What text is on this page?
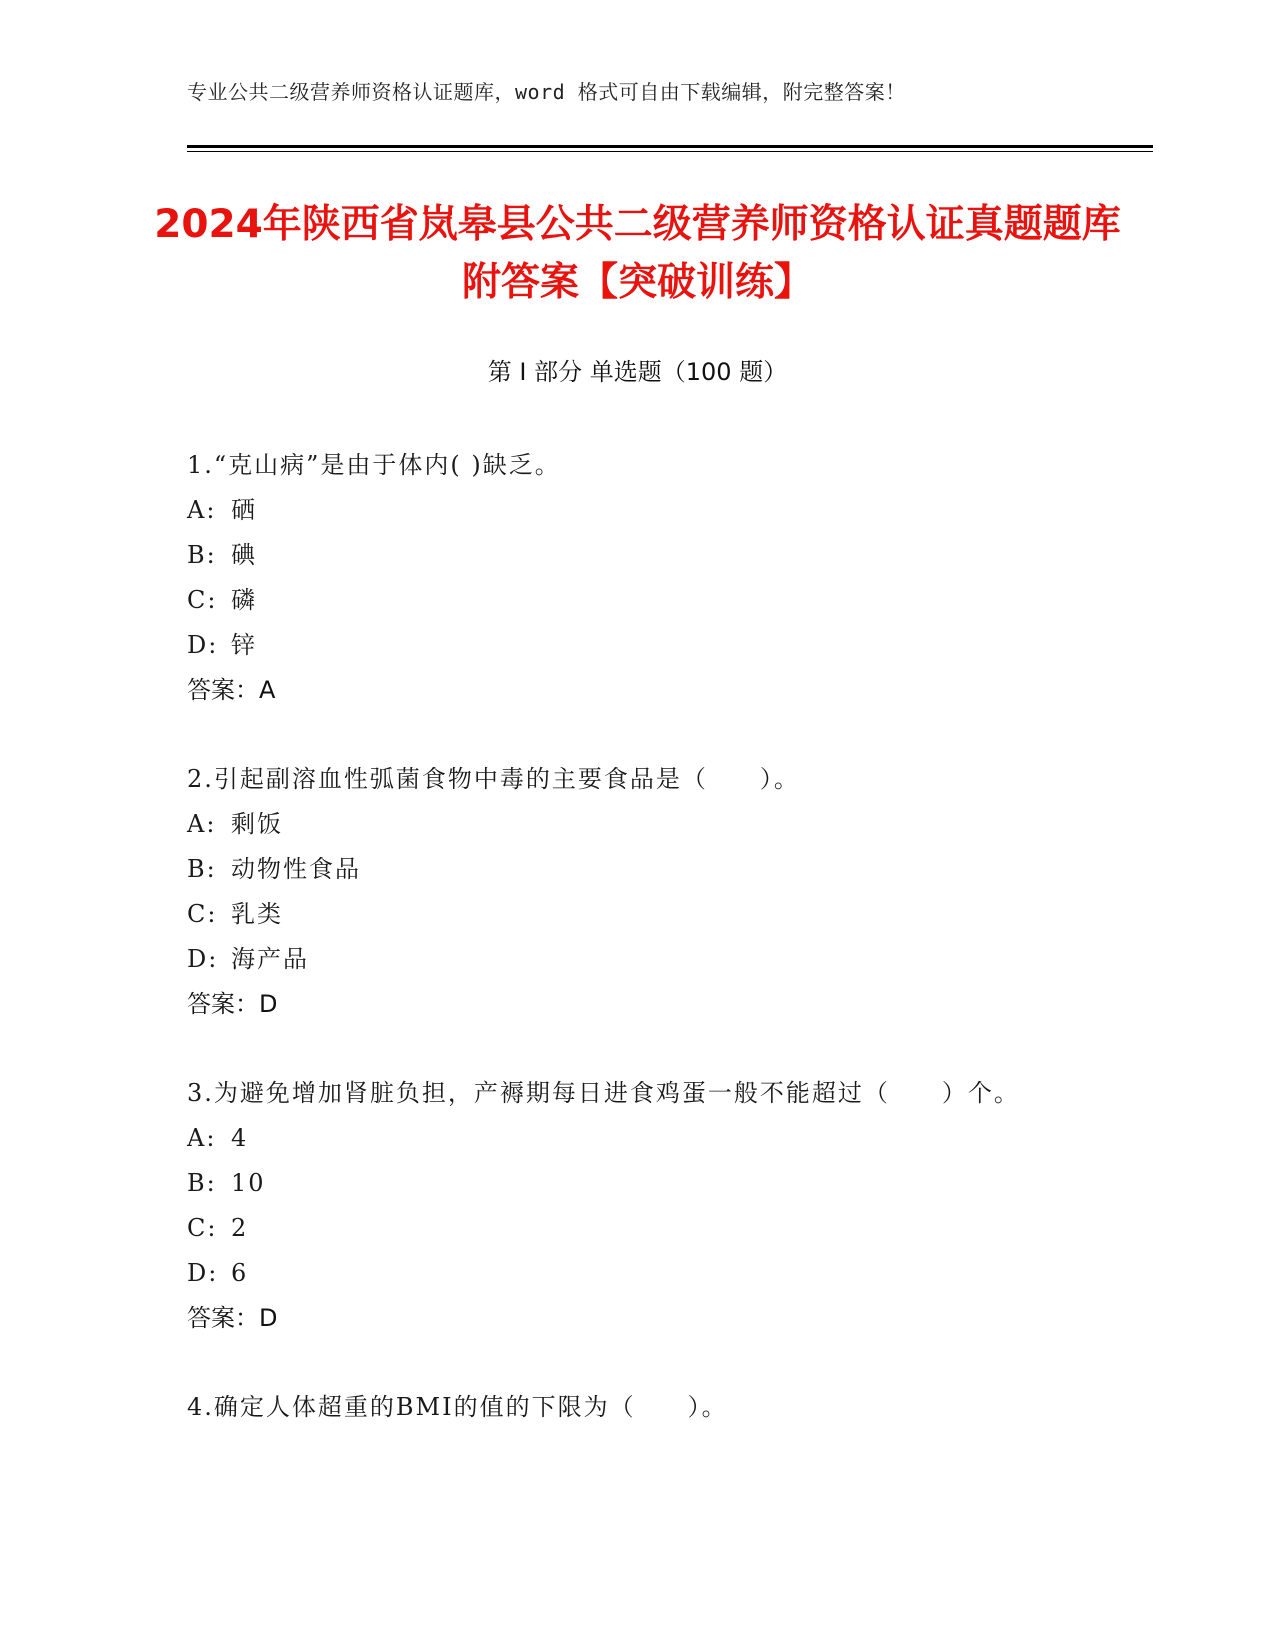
专业公共二级营养师资格认证题库，word 格式可自由下载编辑，附完整答案！
2024年陕西省岚皋县公共二级营养师资格认证真题题库附答案【突破训练】
第 I 部分 单选题（100 题）
1.“克山病”是由于体内( )缺乏。
A: 硒
B: 碘
C: 磷
D: 锌
答案：A
2.引起副溶血性弧菌食物中毒的主要食品是（　　）。
A: 剩饭
B: 动物性食品
C: 乳类
D: 海产品
答案：D
3.为避免增加肾脏负担，产褥期每日进食鸡蛋一般不能超过（　　）个。
A: 4
B: 10
C: 2
D: 6
答案：D
4.确定人体超重的BMI的值的下限为（　　）。
